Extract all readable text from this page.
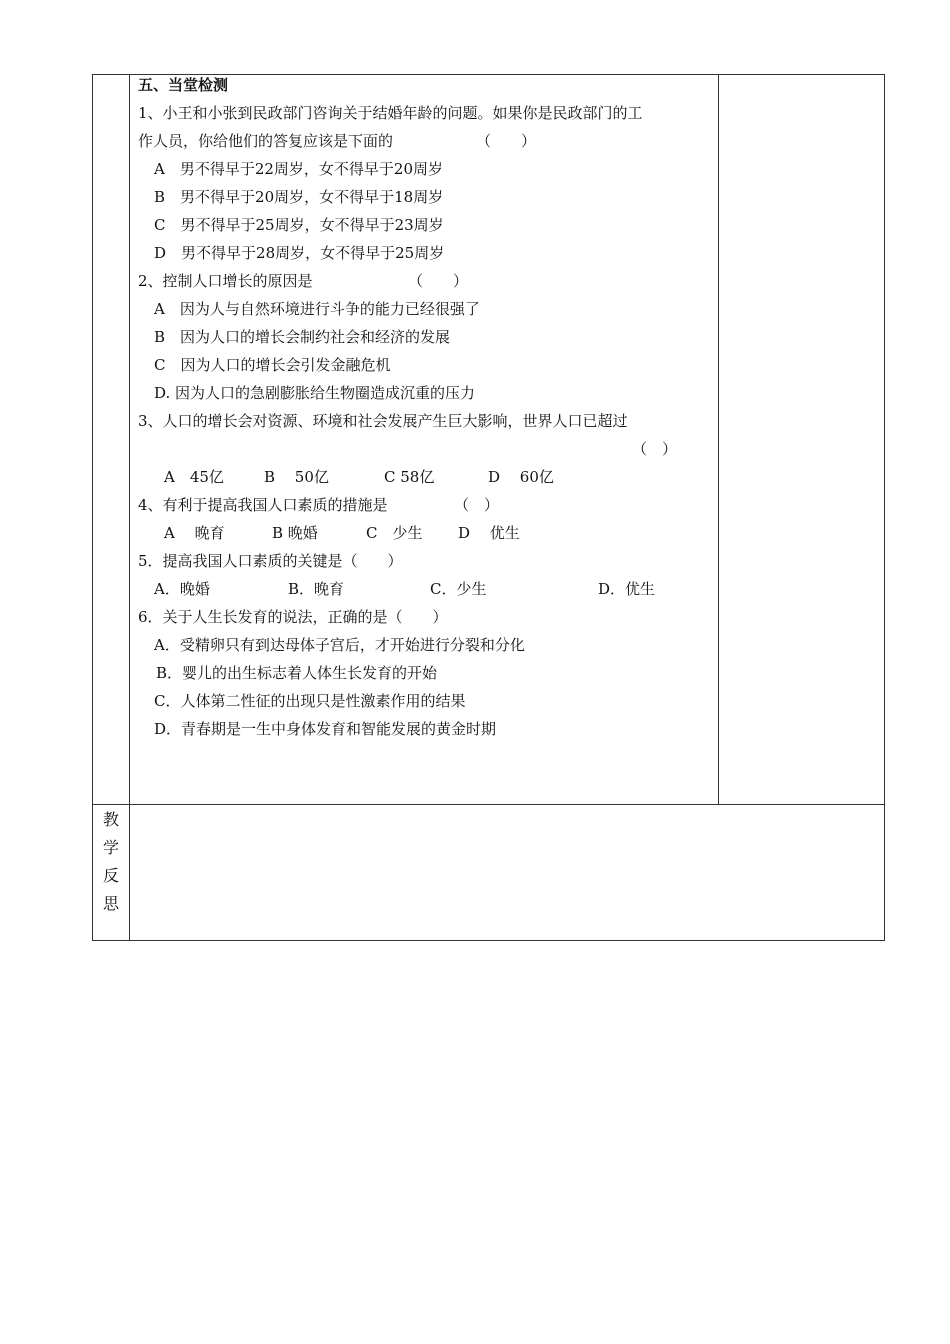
五、当堂检测
1、小王和小张到民政部门咨询关于结婚年龄的问题。如果你是民政部门的工
作人员，你给他们的答复应该是下面的	（　　）
A　男不得早于22周岁，女不得早于20周岁
B　男不得早于20周岁，女不得早于18周岁
C　男不得早于25周岁，女不得早于23周岁
D　男不得早于28周岁，女不得早于25周岁
2、控制人口增长的原因是	（　　）
A　因为人与自然环境进行斗争的能力已经很强了
B　因为人口的增长会制约社会和经济的发展
C　因为人口的增长会引发金融危机
D. 因为人口的急剧膨胀给生物圈造成沉重的压力
3、人口的增长会对资源、环境和社会发展产生巨大影响，世界人口已超过
（　）
A　45亿	B　 50亿	C 58亿	D　 60亿
4、有利于提高我国人口素质的措施是	（　）
A　 晚育	B 晚婚	C　少生 D　 优生
5．提高我国人口素质的关键是（　　）
A．晚婚	B．晚育	C．少生	D．优生
6．关于人生长发育的说法，正确的是（　　）
A．受精卵只有到达母体子宫后，才开始进行分裂和分化
B．婴儿的出生标志着人体生长发育的开始
C．人体第二性征的出现只是性激素作用的结果
D．青春期是一生中身体发育和智能发展的黄金时期
教
学
反
思
